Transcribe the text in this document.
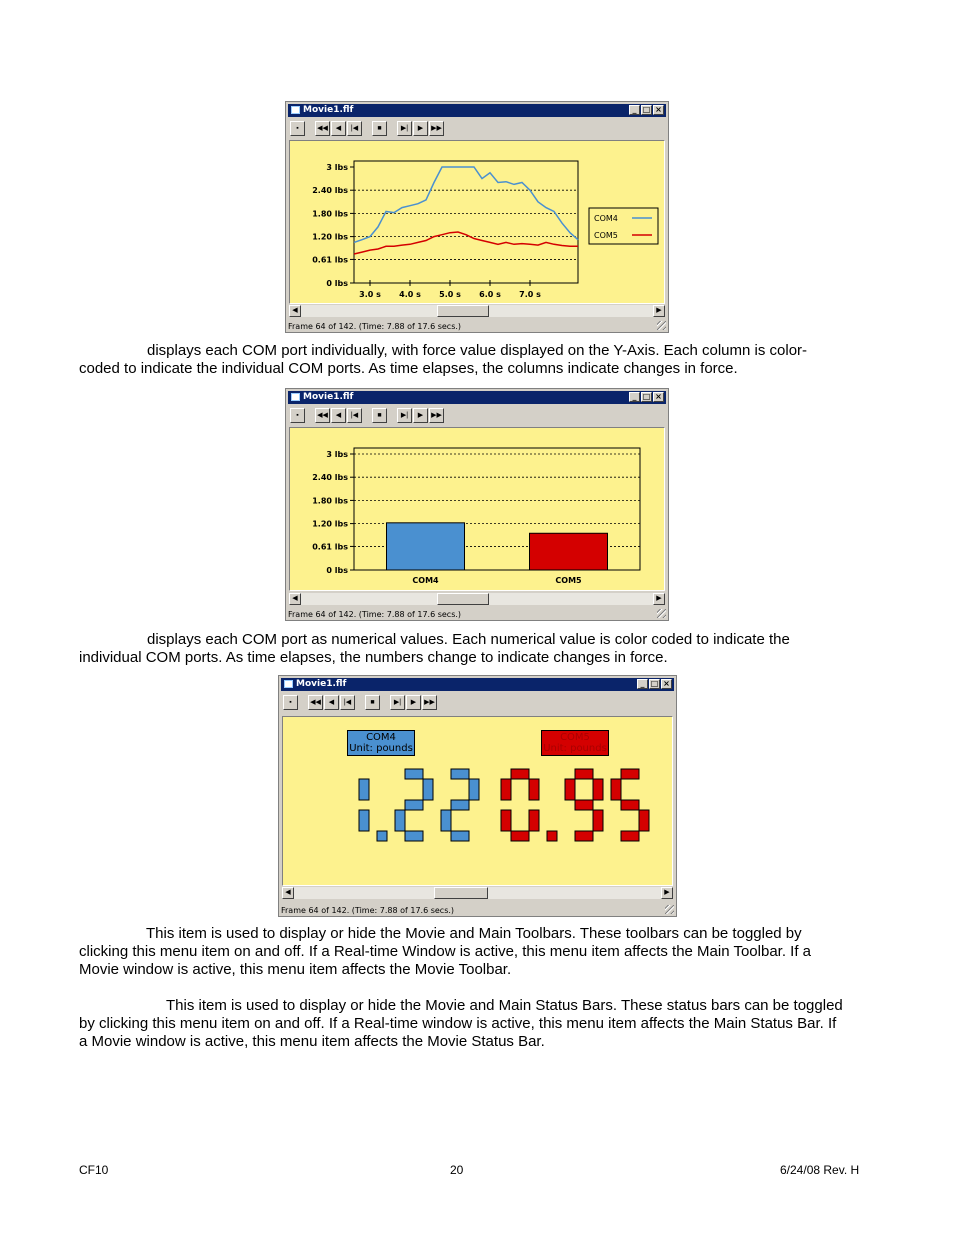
Movie1.flf	_ □ ×
▪	◀◀	◀	|◀	■	▶|	▶	▶▶
3 lbs
2.40 lbs
1.80 lbs
1.20 lbs
0.61 lbs
0 lbs
3.0 s 4.0 s 5.0 s 6.0 s 7.0 s
COM4
COM5
◀	▶
Frame 64 of 142. (Time: 7.88 of 17.6 secs.)
displays each COM port individually, with force value displayed on the Y-Axis. Each column is color-
coded to indicate the individual COM ports. As time elapses, the columns indicate changes in force.
Movie1.flf	_ □ ×
▪	◀◀	◀	|◀	■	▶|	▶	▶▶
3 lbs
2.40 lbs
1.80 lbs
1.20 lbs
0.61 lbs
0 lbs
COM4	COM5
◀	▶
Frame 64 of 142. (Time: 7.88 of 17.6 secs.)
displays each COM port as numerical values. Each numerical value is color coded to indicate the
individual COM ports. As time elapses, the numbers change to indicate changes in force.
Movie1.flf	_ □ ×
▪	◀◀	◀	|◀	■	▶|	▶	▶▶
COM4
Unit: pounds
COM5
Unit: pounds
◀	▶
Frame 64 of 142. (Time: 7.88 of 17.6 secs.)
This item is used to display or hide the Movie and Main Toolbars. These toolbars can be toggled by
clicking this menu item on and off. If a Real-time Window is active, this menu item affects the Main Toolbar. If a
Movie window is active, this menu item affects the Movie Toolbar.
This item is used to display or hide the Movie and Main Status Bars. These status bars can be toggled
by clicking this menu item on and off. If a Real-time window is active, this menu item affects the Main Status Bar. If
a Movie window is active, this menu item affects the Movie Status Bar.
CF10	20	6/24/08 Rev. H
